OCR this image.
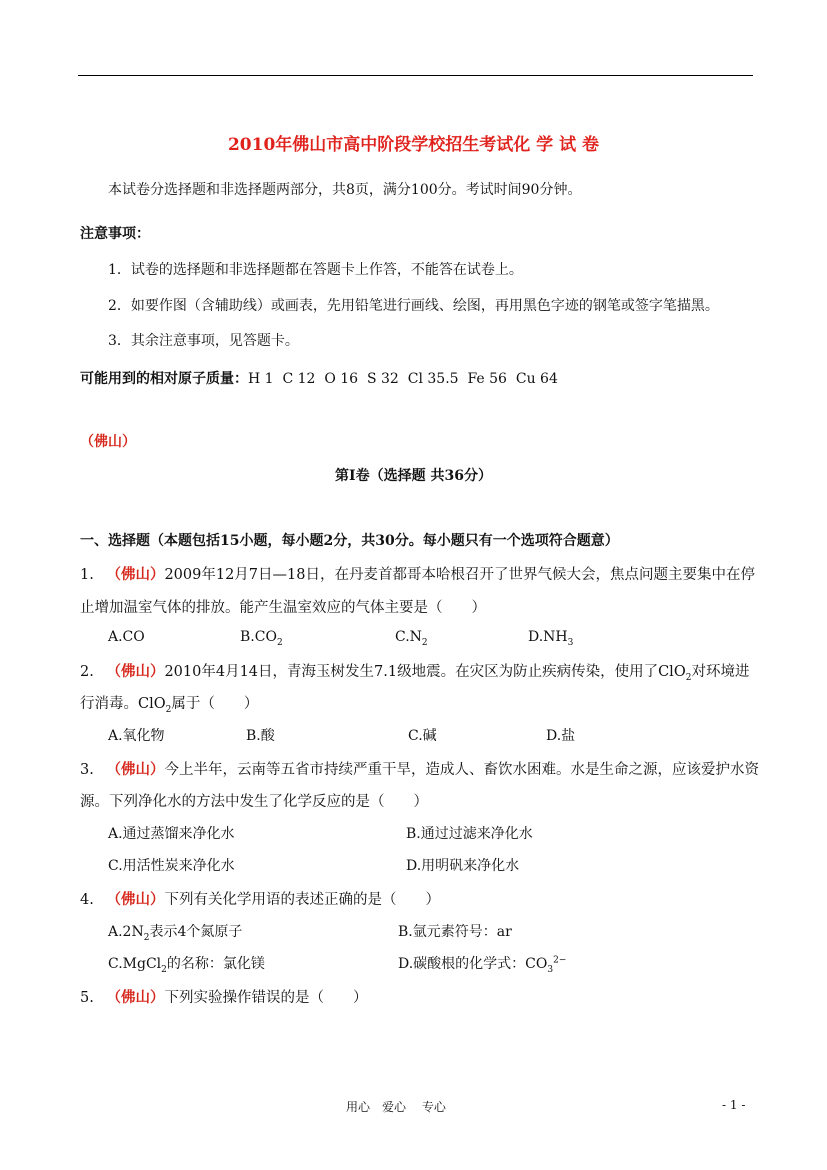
2010年佛山市高中阶段学校招生考试化 学 试 卷
本试卷分选择题和非选择题两部分，共8页，满分100分。考试时间90分钟。
注意事项：
1．试卷的选择题和非选择题都在答题卡上作答，不能答在试卷上。
2．如要作图（含辅助线）或画表，先用铅笔进行画线、绘图，再用黑色字迹的钢笔或签字笔描黑。
3．其余注意事项，见答题卡。
可能用到的相对原子质量：H 1  C 12  O 16  S 32  Cl 35.5  Fe 56  Cu 64
（佛山）
第Ⅰ卷（选择题 共36分）
一、选择题（本题包括15小题，每小题2分，共30分。每小题只有一个选项符合题意）
1. （佛山）2009年12月7日—18日，在丹麦首都哥本哈根召开了世界气候大会，焦点问题主要集中在停
止增加温室气体的排放。能产生温室效应的气体主要是（　　）
A.CO	$B.CO_2$	$C.N_2$	$D.NH_3$
2. （佛山）2010年4月14日，青海玉树发生7.1级地震。在灾区为防止疾病传染，使用了ClO$_2$对环境进
行消毒。ClO$_2$属于（　　）
A.氧化物	B.酸	C.碱	D.盐
3. （佛山）今上半年，云南等五省市持续严重干旱，造成人、畜饮水困难。水是生命之源，应该爱护水资
源。下列净化水的方法中发生了化学反应的是（　　）
A.通过蒸馏来净化水	B.通过过滤来净化水
C.用活性炭来净化水	D.用明矾来净化水
4. （佛山）下列有关化学用语的表述正确的是（　　）
$A.2N_2$表示4个氮原子	B.氩元素符号：ar
C.MgCl$_2$的名称：氯化镁	D.碳酸根的化学式：$CO_3^{2-}$
5. （佛山）下列实验操作错误的是（　　）
用心　爱心　 专心	- 1 -
